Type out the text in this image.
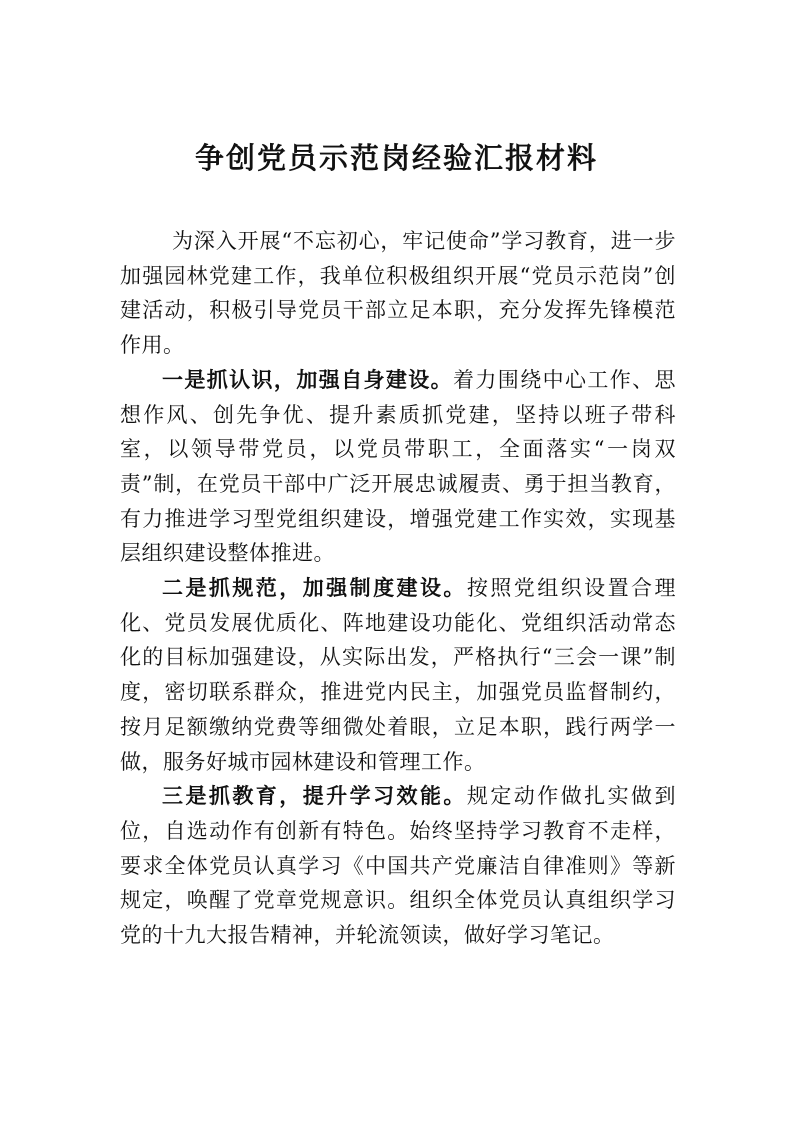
争创党员示范岗经验汇报材料

为深入开展“不忘初心，牢记使命”学习教育，进一步加强园林党建工作，我单位积极组织开展“党员示范岗”创建活动，积极引导党员干部立足本职，充分发挥先锋模范作用。

一是抓认识，加强自身建设。着力围绕中心工作、思想作风、创先争优、提升素质抓党建，坚持以班子带科室，以领导带党员，以党员带职工，全面落实“一岗双责”制，在党员干部中广泛开展忠诚履责、勇于担当教育，有力推进学习型党组织建设，增强党建工作实效，实现基层组织建设整体推进。

二是抓规范，加强制度建设。按照党组织设置合理化、党员发展优质化、阵地建设功能化、党组织活动常态化的目标加强建设，从实际出发，严格执行“三会一课”制度，密切联系群众，推进党内民主，加强党员监督制约，按月足额缴纳党费等细微处着眼，立足本职，践行两学一做，服务好城市园林建设和管理工作。

三是抓教育，提升学习效能。规定动作做扎实做到位，自选动作有创新有特色。始终坚持学习教育不走样，要求全体党员认真学习《中国共产党廉洁自律准则》等新规定，唤醒了党章党规意识。组织全体党员认真组织学习党的十九大报告精神，并轮流领读，做好学习笔记。
